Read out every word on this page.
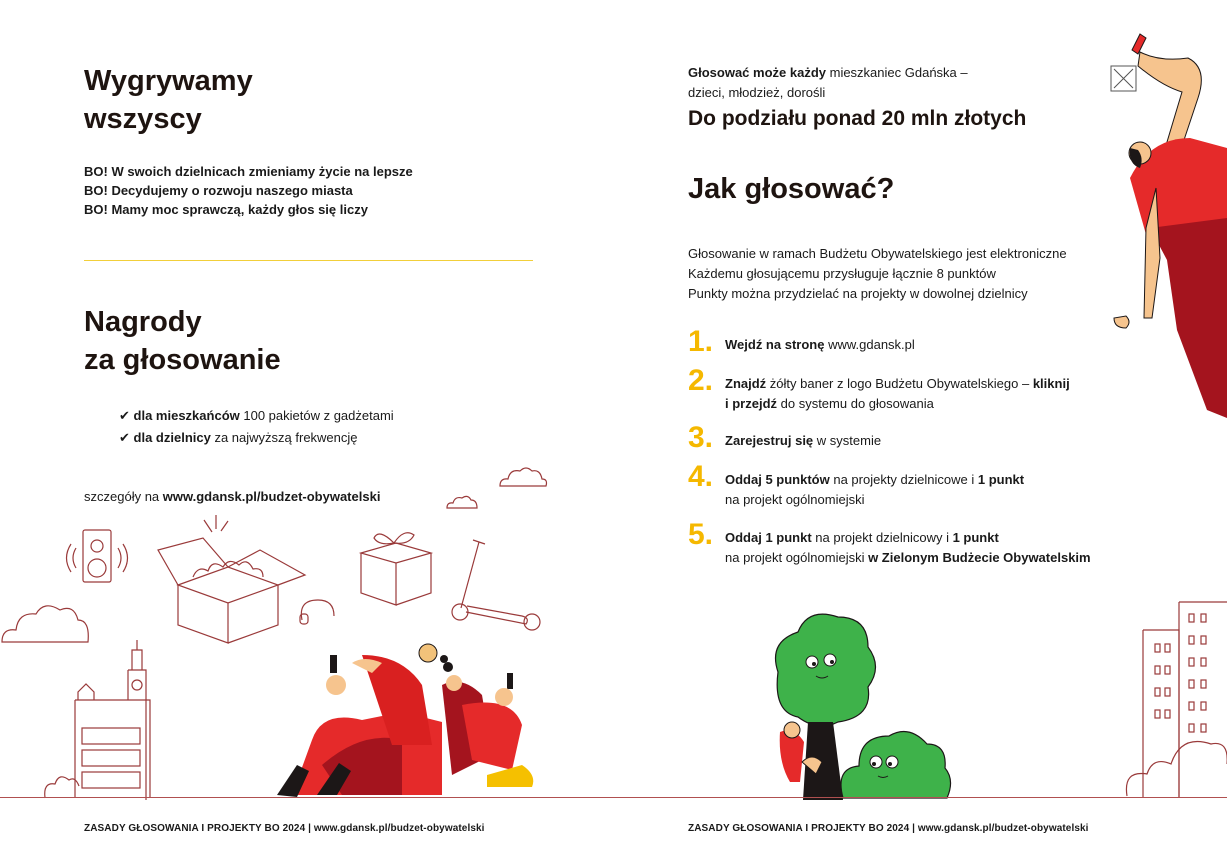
Wygrywamy

wszyscy

BO! W swoich dzielnicach zmieniamy życie na lepsze
BO! Decydujemy o rozwoju naszego miasta
BO! Mamy moc sprawczą, każdy głos się liczy

Nagrody

za głosowanie

✔ dla mieszkańców 100 pakietów z gadżetami
✔ dla dzielnicy za najwyższą frekwencję
szczegóły na www.gdansk.pl/budzet-obywatelski
Głosować może każdy mieszkaniec Gdańska –
dzieci, młodzież, dorośli
Do podziału ponad 20 mln złotych
Jak głosować?
Głosowanie w ramach Budżetu Obywatelskiego jest elektroniczne
Każdemu głosującemu przysługuje łącznie 8 punktów
Punkty można przydzielać na projekty w dowolnej dzielnicy
1. Wejdź na stronę www.gdansk.pl
2. Znajdź żółty baner z logo Budżetu Obywatelskiego – kliknij
i przejdź do systemu do głosowania
3. Zarejestruj się w systemie
4. Oddaj 5 punktów na projekty dzielnicowe i 1 punkt
na projekt ogólnomiejski
5. Oddaj 1 punkt na projekt dzielnicowy i 1 punkt
na projekt ogólnomiejski w Zielonym Budżecie Obywatelskim
ZASADY GŁOSOWANIA I PROJEKTY BO 2024 | www.gdansk.pl/budzet-obywatelski	ZASADY GŁOSOWANIA I PROJEKTY BO 2024 | www.gdansk.pl/budzet-obywatelski
